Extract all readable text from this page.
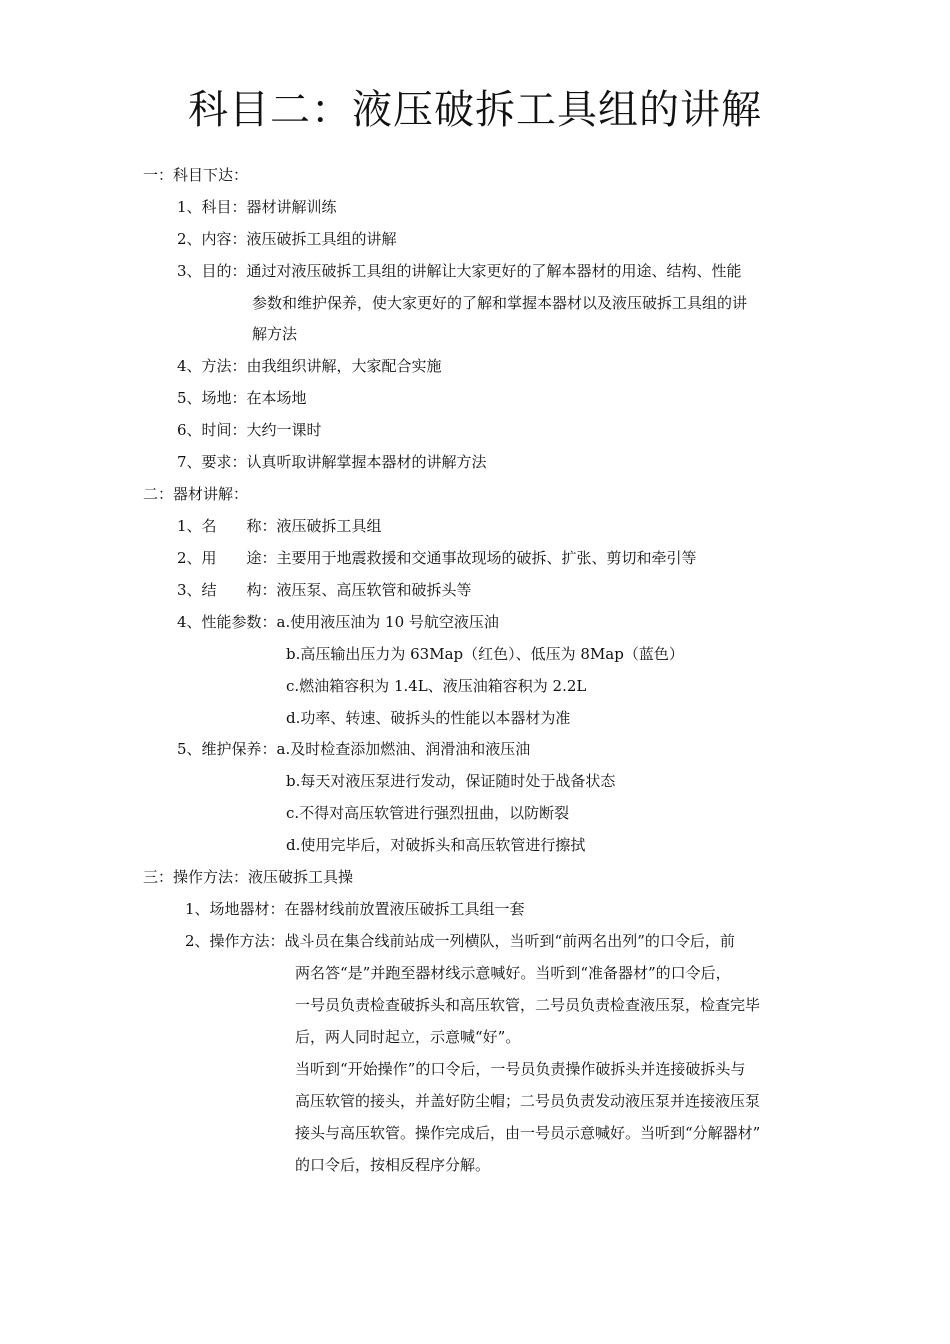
科目二：液压破拆工具组的讲解
一：科目下达：
1、科目：器材讲解训练
2、内容：液压破拆工具组的讲解
3、目的：通过对液压破拆工具组的讲解让大家更好的了解本器材的用途、结构、性能
参数和维护保养，使大家更好的了解和掌握本器材以及液压破拆工具组的讲
解方法
4、方法：由我组织讲解，大家配合实施
5、场地：在本场地
6、时间：大约一课时
7、要求：认真听取讲解掌握本器材的讲解方法
二：器材讲解：
1、名　　称：液压破拆工具组
2、用　　途：主要用于地震救援和交通事故现场的破拆、扩张、剪切和牵引等
3、结　　构：液压泵、高压软管和破拆头等
4、性能参数：a.使用液压油为 10 号航空液压油
b.高压输出压力为 63Map（红色）、低压为 8Map（蓝色）
c.燃油箱容积为 1.4L、液压油箱容积为 2.2L
d.功率、转速、破拆头的性能以本器材为准
5、维护保养：a.及时检查添加燃油、润滑油和液压油
b.每天对液压泵进行发动，保证随时处于战备状态
c.不得对高压软管进行强烈扭曲，以防断裂
d.使用完毕后，对破拆头和高压软管进行擦拭
三：操作方法：液压破拆工具操
1、场地器材：在器材线前放置液压破拆工具组一套
2、操作方法：战斗员在集合线前站成一列横队，当听到“前两名出列”的口令后，前
两名答“是”并跑至器材线示意喊好。当听到“准备器材”的口令后，
一号员负责检查破拆头和高压软管，二号员负责检查液压泵，检查完毕
后，两人同时起立，示意喊“好”。
当听到“开始操作”的口令后，一号员负责操作破拆头并连接破拆头与
高压软管的接头，并盖好防尘帽；二号员负责发动液压泵并连接液压泵
接头与高压软管。操作完成后，由一号员示意喊好。当听到“分解器材”
的口令后，按相反程序分解。
